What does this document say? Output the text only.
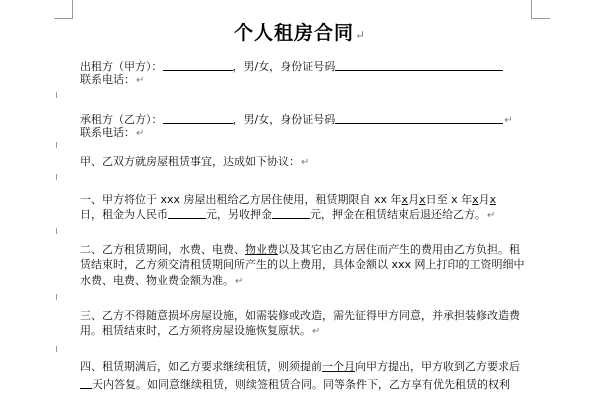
个人租房合同↵
出租方（甲方）：	，男/女，身份证号码
联系电话：↵
承租方（乙方）：	，男/女，身份证号码	↵
联系电话：↵
甲、乙双方就房屋租赁事宜，达成如下协议：↵
一、甲方将位于 xxx 房屋出租给乙方居住使用，租赁期限自 xx 年x月x日至 x 年x月x
日，租金为人民币	元，另收押金	元，押金在租赁结束后退还给乙方。↵
二、乙方租赁期间，水费、电费、物业费以及其它由乙方居住而产生的费用由乙方负担。租
赁结束时，乙方须交清租赁期间所产生的以上费用，具体金额以 xxx 网上打印的工资明细中
水费、电费、物业费金额为准。↵
三、乙方不得随意损坏房屋设施，如需装修或改造，需先征得甲方同意，并承担装修改造费
用。租赁结束时，乙方须将房屋设施恢复原状。↵
四、租赁期满后，如乙方要求继续租赁，则须提前一个月向甲方提出，甲方收到乙方要求后
天内答复。如同意继续租赁，则续签租赁合同。同等条件下，乙方享有优先租赁的权利
